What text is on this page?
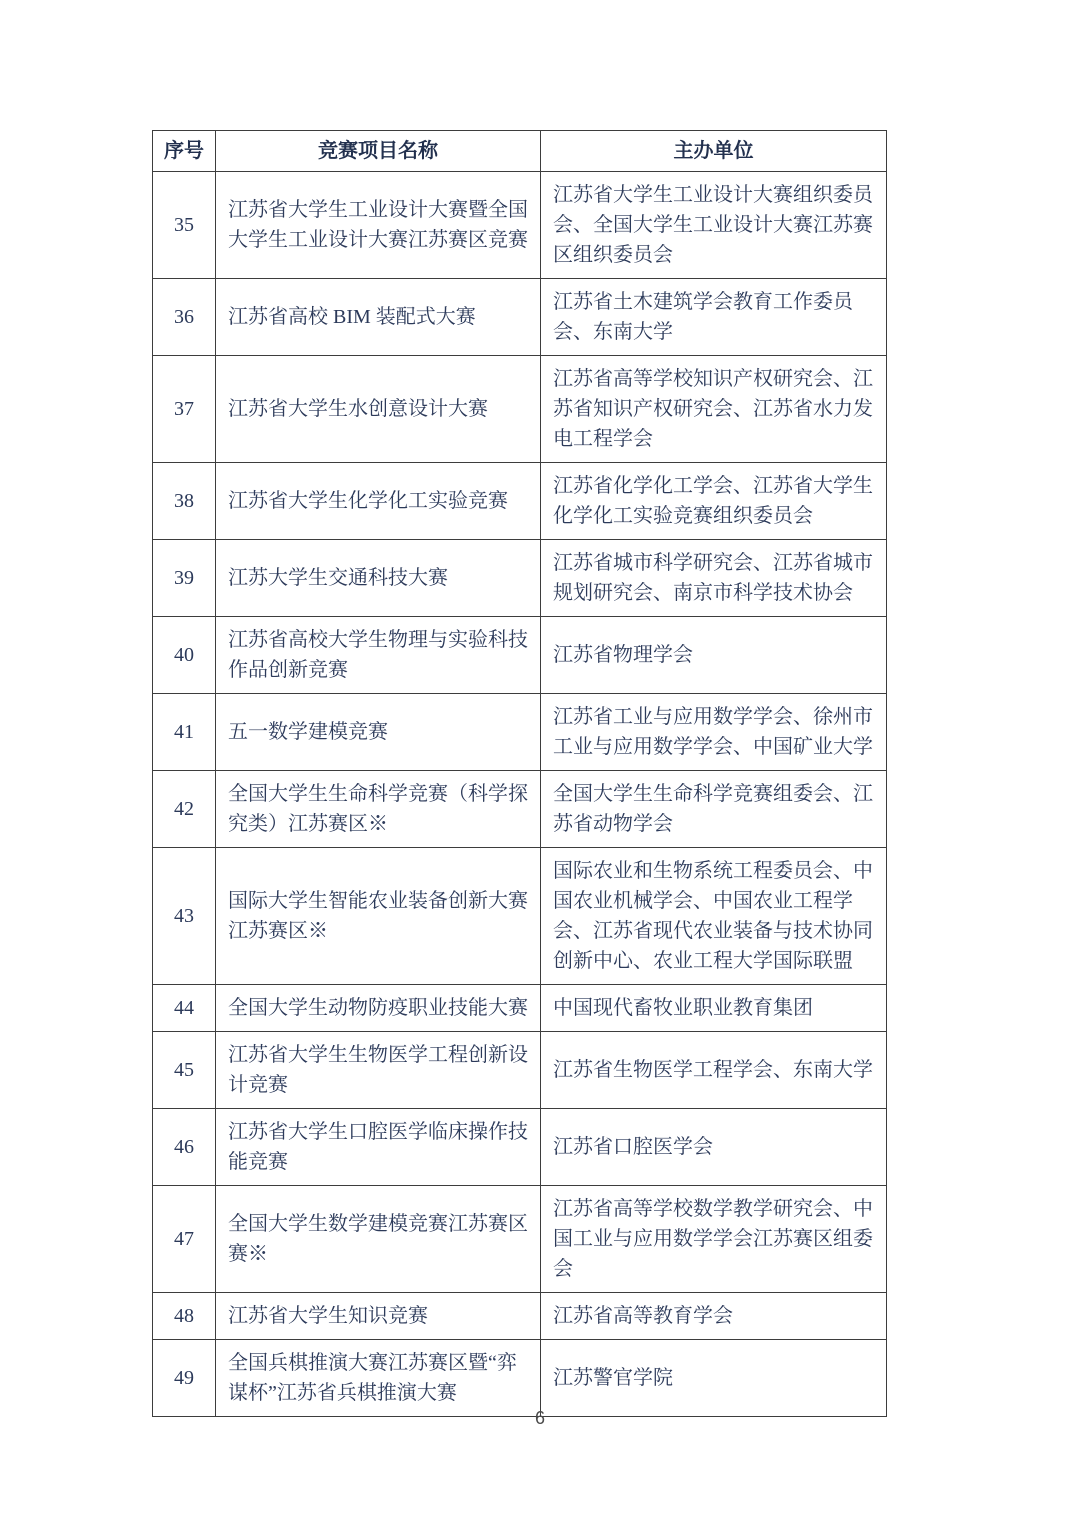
序号	竞赛项目名称	主办单位
35	江苏省大学生工业设计大赛暨全国大学生工业设计大赛江苏赛区竞赛	江苏省大学生工业设计大赛组织委员会、全国大学生工业设计大赛江苏赛区组织委员会
36	江苏省高校 BIM 装配式大赛	江苏省土木建筑学会教育工作委员会、东南大学
37	江苏省大学生水创意设计大赛	江苏省高等学校知识产权研究会、江苏省知识产权研究会、江苏省水力发电工程学会
38	江苏省大学生化学化工实验竞赛	江苏省化学化工学会、江苏省大学生化学化工实验竞赛组织委员会
39	江苏大学生交通科技大赛	江苏省城市科学研究会、江苏省城市规划研究会、南京市科学技术协会
40	江苏省高校大学生物理与实验科技作品创新竞赛	江苏省物理学会
41	五一数学建模竞赛	江苏省工业与应用数学学会、徐州市工业与应用数学学会、中国矿业大学
42	全国大学生生命科学竞赛（科学探究类）江苏赛区※	全国大学生生命科学竞赛组委会、江苏省动物学会
43	国际大学生智能农业装备创新大赛江苏赛区※	国际农业和生物系统工程委员会、中国农业机械学会、中国农业工程学会、江苏省现代农业装备与技术协同创新中心、农业工程大学国际联盟
44	全国大学生动物防疫职业技能大赛	中国现代畜牧业职业教育集团
45	江苏省大学生生物医学工程创新设计竞赛	江苏省生物医学工程学会、东南大学
46	江苏省大学生口腔医学临床操作技能竞赛	江苏省口腔医学会
47	全国大学生数学建模竞赛江苏赛区赛※	江苏省高等学校数学教学研究会、中国工业与应用数学学会江苏赛区组委会
48	江苏省大学生知识竞赛	江苏省高等教育学会
49	全国兵棋推演大赛江苏赛区暨“弈谋杯”江苏省兵棋推演大赛	江苏警官学院
6
